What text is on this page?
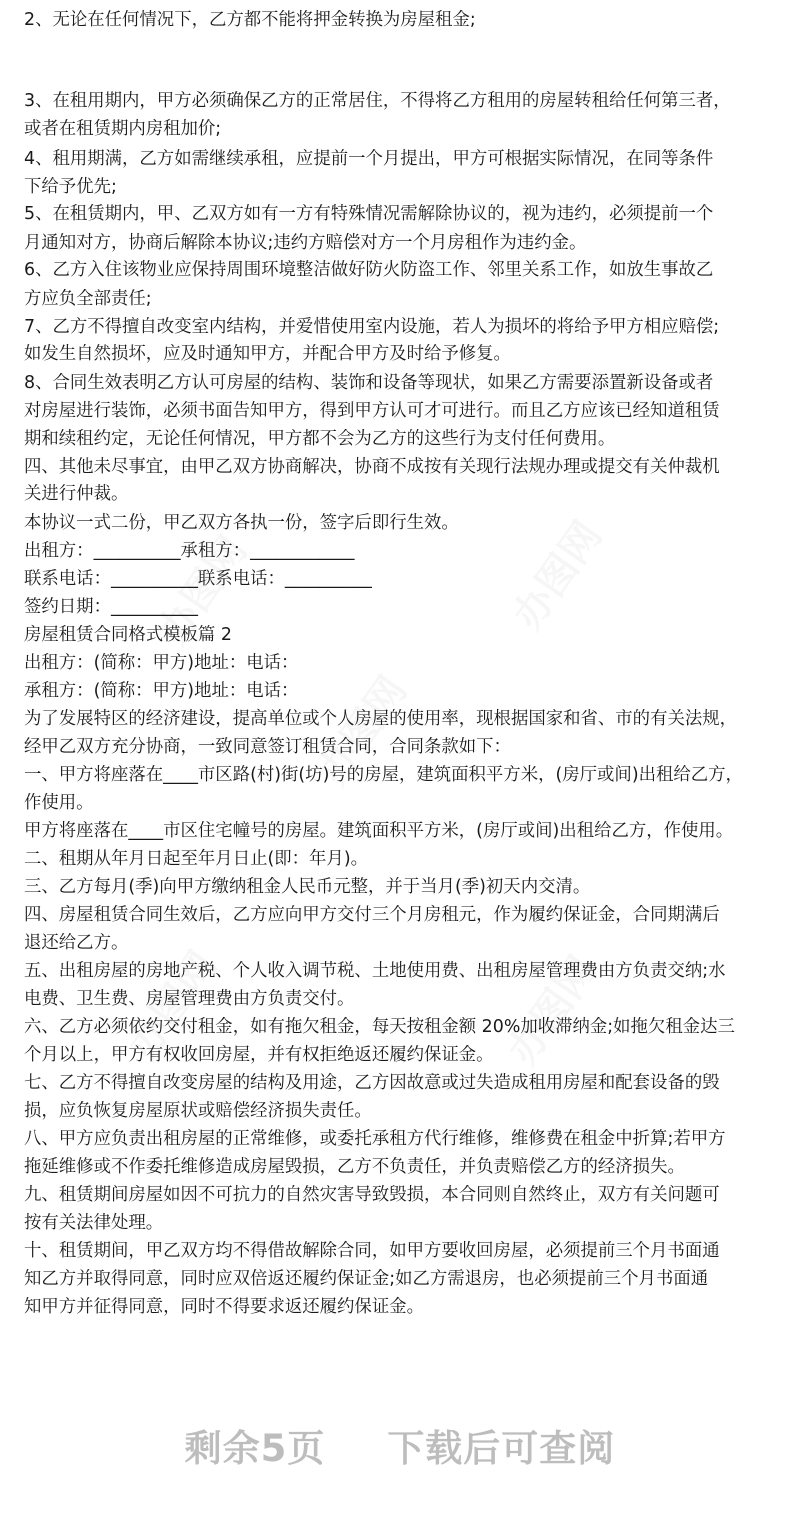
2、无论在任何情况下，乙方都不能将押金转换为房屋租金;
3、在租用期内，甲方必须确保乙方的正常居住，不得将乙方租用的房屋转租给任何第三者，
或者在租赁期内房租加价;
4、租用期满，乙方如需继续承租，应提前一个月提出，甲方可根据实际情况，在同等条件
下给予优先;
5、在租赁期内，甲、乙双方如有一方有特殊情况需解除协议的，视为违约，必须提前一个
月通知对方，协商后解除本协议;违约方赔偿对方一个月房租作为违约金。
6、乙方入住该物业应保持周围环境整洁做好防火防盗工作、邻里关系工作，如放生事故乙
方应负全部责任;
7、乙方不得擅自改变室内结构，并爱惜使用室内设施，若人为损坏的将给予甲方相应赔偿;
如发生自然损坏，应及时通知甲方，并配合甲方及时给予修复。
8、合同生效表明乙方认可房屋的结构、装饰和设备等现状，如果乙方需要添置新设备或者
对房屋进行装饰，必须书面告知甲方，得到甲方认可才可进行。而且乙方应该已经知道租赁
期和续租约定，无论任何情况，甲方都不会为乙方的这些行为支付任何费用。
四、其他未尽事宜，由甲乙双方协商解决，协商不成按有关现行法规办理或提交有关仲裁机
关进行仲裁。
本协议一式二份，甲乙双方各执一份，签字后即行生效。
出租方：__________承租方：____________
联系电话：__________联系电话：__________
签约日期：__________
房屋租赁合同格式模板篇 2
出租方：(简称：甲方)地址：电话：
承租方：(简称：甲方)地址：电话：
为了发展特区的经济建设，提高单位或个人房屋的使用率，现根据国家和省、市的有关法规，
经甲乙双方充分协商，一致同意签订租赁合同，合同条款如下：
一、甲方将座落在____市区路(村)街(坊)号的房屋，建筑面积平方米，(房厅或间)出租给乙方，
作使用。
甲方将座落在____市区住宅幢号的房屋。建筑面积平方米，(房厅或间)出租给乙方，作使用。
二、租期从年月日起至年月日止(即：年月)。
三、乙方每月(季)向甲方缴纳租金人民币元整，并于当月(季)初天内交清。
四、房屋租赁合同生效后，乙方应向甲方交付三个月房租元，作为履约保证金，合同期满后
退还给乙方。
五、出租房屋的房地产税、个人收入调节税、土地使用费、出租房屋管理费由方负责交纳;水
电费、卫生费、房屋管理费由方负责交付。
六、乙方必须依约交付租金，如有拖欠租金，每天按租金额 20%加收滞纳金;如拖欠租金达三
个月以上，甲方有权收回房屋，并有权拒绝返还履约保证金。
七、乙方不得擅自改变房屋的结构及用途，乙方因故意或过失造成租用房屋和配套设备的毁
损，应负恢复房屋原状或赔偿经济损失责任。
八、甲方应负责出租房屋的正常维修，或委托承租方代行维修，维修费在租金中折算;若甲方
拖延维修或不作委托维修造成房屋毁损，乙方不负责任，并负责赔偿乙方的经济损失。
九、租赁期间房屋如因不可抗力的自然灾害导致毁损，本合同则自然终止，双方有关问题可
按有关法律处理。
十、租赁期间，甲乙双方均不得借故解除合同，如甲方要收回房屋，必须提前三个月书面通
知乙方并取得同意，同时应双倍返还履约保证金;如乙方需退房，也必须提前三个月书面通
知甲方并征得同意，同时不得要求返还履约保证金。
剩余5页 下载后可查阅
